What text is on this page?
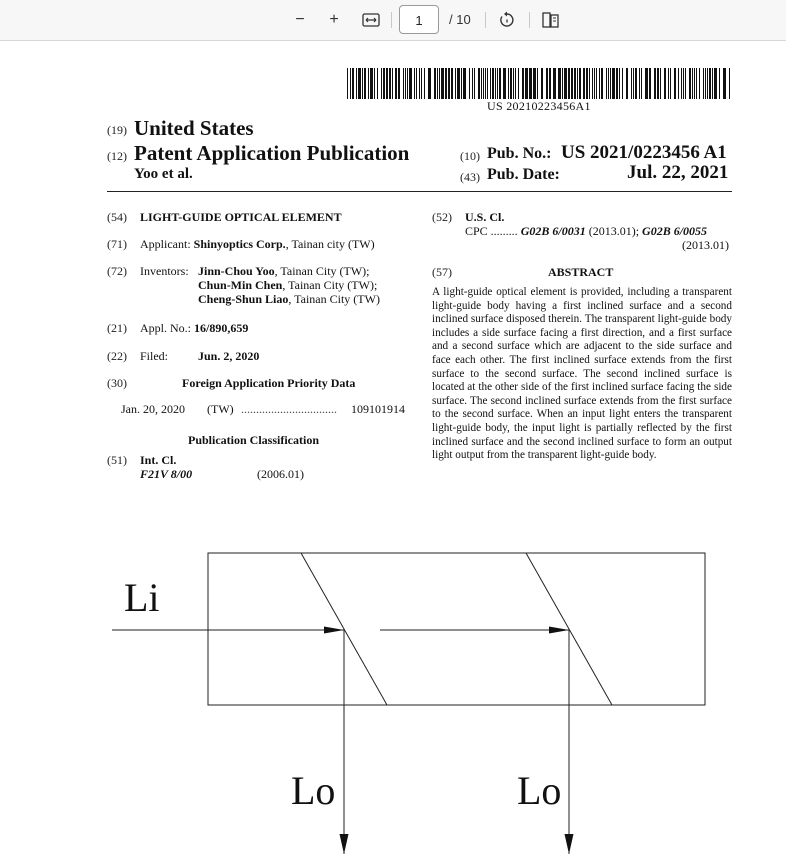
−	+	1	/ 10
US 20210223456A1
(19) United States
(12) Patent Application Publication
Yoo et al.
(10) Pub. No.: US 2021/0223456 A1
(43) Pub. Date:	Jul. 22, 2021
(54) LIGHT-GUIDE OPTICAL ELEMENT
(71) Applicant: Shinyoptics Corp., Tainan city (TW)
(72) Inventors: Jinn-Chou Yoo, Tainan City (TW);
Chun-Min Chen, Tainan City (TW);
Cheng-Shun Liao, Tainan City (TW)
(21) Appl. No.: 16/890,659
(22) Filed: Jun. 2, 2020
(30)	Foreign Application Priority Data
Jan. 20, 2020 (TW) ................................ 109101914
Publication Classification
(51) Int. Cl.
F21V 8/00	(2006.01)
(52) U.S. Cl.
CPC ......... G02B 6/0031 (2013.01); G02B 6/0055
(2013.01)
(57)	ABSTRACT
A light-guide optical element is provided, including a transparent light-guide body having a first inclined surface and a second inclined surface disposed therein. The transparent light-guide body includes a side surface facing a first direction, and a first surface and a second surface which are adjacent to the side surface and face each other. The first inclined surface extends from the first surface to the second surface. The second inclined surface is located at the other side of the first inclined surface facing the side surface. The second inclined surface extends from the first surface to the second surface. When an input light enters the transparent light-guide body, the input light is partially reflected by the first inclined surface and the second inclined surface to form an output light output from the transparent light-guide body.
Li
Lo	Lo
